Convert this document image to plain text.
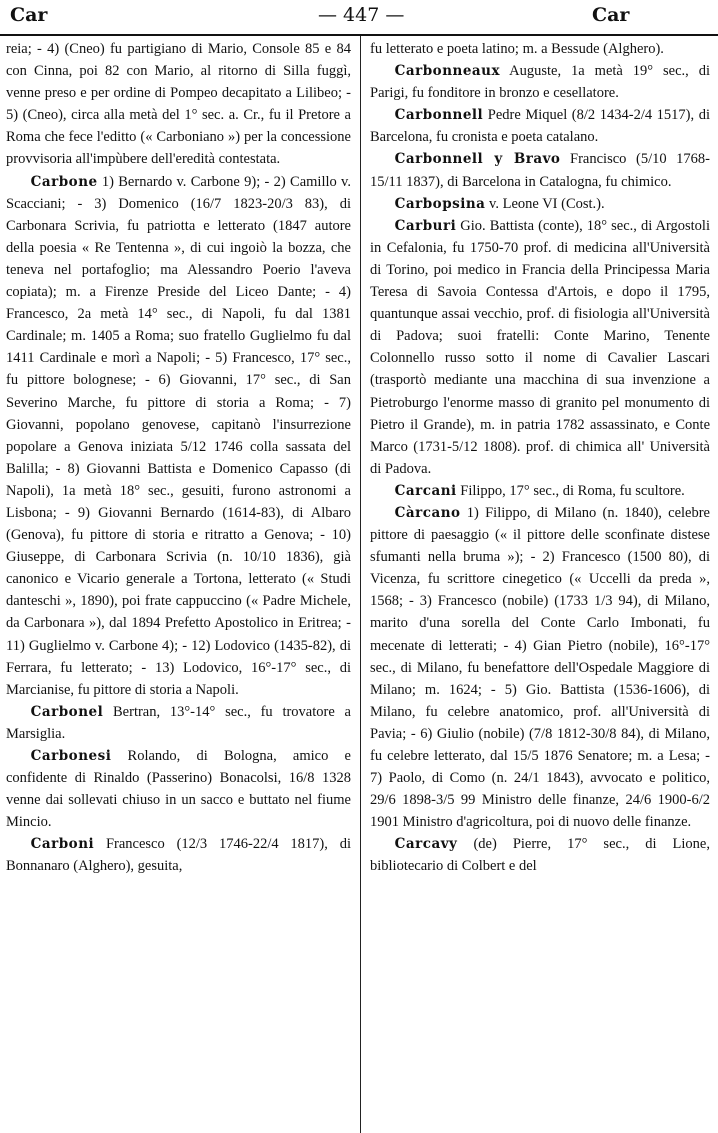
Car	— 447 —	Car

reia; - 4) (Cneo) fu partigiano di Mario, Console 85 e 84 con Cinna, poi 82 con Mario, al ritorno di Silla fuggì, venne preso e per ordine di Pompeo decapitato a Lilibeo; - 5) (Cneo), circa alla metà del 1° sec. a. Cr., fu il Pretore a Roma che fece l'editto (« Carboniano ») per la concessione provvisoria all'impùbere dell'eredità contestata.

Carbone 1) Bernardo v. Carbone 9); - 2) Camillo v. Scacciani; - 3) Domenico (16/7 1823-20/3 83), di Carbonara Scrivia, fu patriotta e letterato (1847 autore della poesia « Re Tentenna », di cui ingoiò la bozza, che teneva nel portafoglio; ma Alessandro Poerio l'aveva copiata); m. a Firenze Preside del Liceo Dante; - 4) Francesco, 2a metà 14° sec., di Napoli, fu dal 1381 Cardinale; m. 1405 a Roma; suo fratello Guglielmo fu dal 1411 Cardinale e morì a Napoli; - 5) Francesco, 17° sec., fu pittore bolognese; - 6) Giovanni, 17° sec., di San Severino Marche, fu pittore di storia a Roma; - 7) Giovanni, popolano genovese, capitanò l'insurrezione popolare a Genova iniziata 5/12 1746 colla sassata del Balilla; - 8) Giovanni Battista e Domenico Capasso (di Napoli), 1a metà 18° sec., gesuiti, furono astronomi a Lisbona; - 9) Giovanni Bernardo (1614-83), di Albaro (Genova), fu pittore di storia e ritratto a Genova; - 10) Giuseppe, di Carbonara Scrivia (n. 10/10 1836), già canonico e Vicario generale a Tortona, letterato (« Studi danteschi », 1890), poi frate cappuccino (« Padre Michele, da Carbonara »), dal 1894 Prefetto Apostolico in Eritrea; - 11) Guglielmo v. Carbone 4); - 12) Lodovico (1435-82), di Ferrara, fu letterato; - 13) Lodovico, 16°-17° sec., di Marcianise, fu pittore di storia a Napoli.

Carbonel Bertran, 13°-14° sec., fu trovatore a Marsiglia.

Carbonesi Rolando, di Bologna, amico e confidente di Rinaldo (Passerino) Bonacolsi, 16/8 1328 venne dai sollevati chiuso in un sacco e buttato nel fiume Mincio.

Carboni Francesco (12/3 1746-22/4 1817), di Bonnanaro (Alghero), gesuita,

fu letterato e poeta latino; m. a Bessude (Alghero).

Carbonneaux Auguste, 1a metà 19° sec., di Parigi, fu fonditore in bronzo e cesellatore.

Carbonnell Pedre Miquel (8/2 1434-2/4 1517), di Barcelona, fu cronista e poeta catalano.

Carbonnell y Bravo Francisco (5/10 1768-15/11 1837), di Barcelona in Catalogna, fu chimico.

Carbopsina v. Leone VI (Cost.).

Carburi Gio. Battista (conte), 18° sec., di Argostoli in Cefalonia, fu 1750-70 prof. di medicina all'Università di Torino, poi medico in Francia della Principessa Maria Teresa di Savoia Contessa d'Artois, e dopo il 1795, quantunque assai vecchio, prof. di fisiologia all'Università di Padova; suoi fratelli: Conte Marino, Tenente Colonnello russo sotto il nome di Cavalier Lascari (trasportò mediante una macchina di sua invenzione a Pietroburgo l'enorme masso di granito pel monumento di Pietro il Grande), m. in patria 1782 assassinato, e Conte Marco (1731-5/12 1808). prof. di chimica all' Università di Padova.

Carcani Filippo, 17° sec., di Roma, fu scultore.

Càrcano 1) Filippo, di Milano (n. 1840), celebre pittore di paesaggio (« il pittore delle sconfinate distese sfumanti nella bruma »); - 2) Francesco (1500 80), di Vicenza, fu scrittore cinegetico (« Uccelli da preda », 1568; - 3) Francesco (nobile) (1733 1/3 94), di Milano, marito d'una sorella del Conte Carlo Imbonati, fu mecenate di letterati; - 4) Gian Pietro (nobile), 16°-17° sec., di Milano, fu benefattore dell'Ospedale Maggiore di Milano; m. 1624; - 5) Gio. Battista (1536-1606), di Milano, fu celebre anatomico, prof. all'Università di Pavia; - 6) Giulio (nobile) (7/8 1812-30/8 84), di Milano, fu celebre letterato, dal 15/5 1876 Senatore; m. a Lesa; - 7) Paolo, di Como (n. 24/1 1843), avvocato e politico, 29/6 1898-3/5 99 Ministro delle finanze, 24/6 1900-6/2 1901 Ministro d'agricoltura, poi di nuovo delle finanze.

Carcavy (de) Pierre, 17° sec., di Lione, bibliotecario di Colbert e del
